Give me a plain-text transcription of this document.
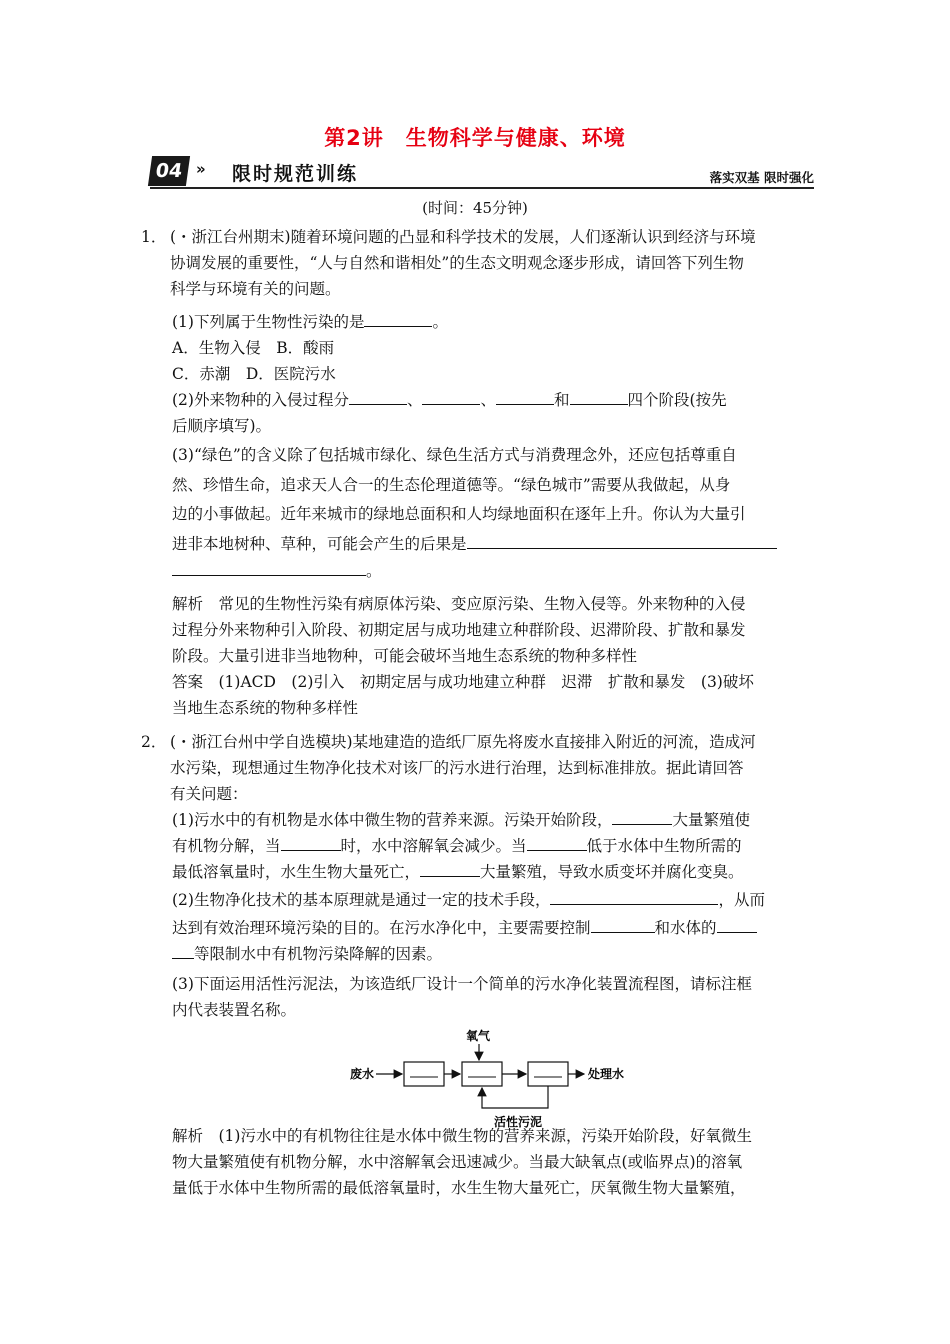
第2讲　生物科学与健康、环境
04 » 限时规范训练	落实双基 限时强化
(时间：45分钟)
1． (・浙江台州期末)随着环境问题的凸显和科学技术的发展，人们逐渐认识到经济与环境
协调发展的重要性，“人与自然和谐相处”的生态文明观念逐步形成，请回答下列生物
科学与环境有关的问题。
(1)下列属于生物性污染的是	。
A．生物入侵　B．酸雨
C．赤潮　D．医院污水
(2)外来物种的入侵过程分	、	、	和	四个阶段(按先
后顺序填写)。
(3)“绿色”的含义除了包括城市绿化、绿色生活方式与消费理念外，还应包括尊重自
然、珍惜生命，追求天人合一的生态伦理道德等。“绿色城市”需要从我做起，从身
边的小事做起。近年来城市的绿地总面积和人均绿地面积在逐年上升。你认为大量引
进非本地树种、草种，可能会产生的后果是
。
解析　常见的生物性污染有病原体污染、变应原污染、生物入侵等。外来物种的入侵
过程分外来物种引入阶段、初期定居与成功地建立种群阶段、迟滞阶段、扩散和暴发
阶段。大量引进非当地物种，可能会破坏当地生态系统的物种多样性
答案　(1)ACD　(2)引入　初期定居与成功地建立种群　迟滞　扩散和暴发　(3)破坏
当地生态系统的物种多样性
2． (・浙江台州中学自选模块)某地建造的造纸厂原先将废水直接排入附近的河流，造成河
水污染，现想通过生物净化技术对该厂的污水进行治理，达到标准排放。据此请回答
有关问题：
(1)污水中的有机物是水体中微生物的营养来源。污染开始阶段，	大量繁殖使
有机物分解，当	时，水中溶解氧会减少。当	低于水体中生物所需的
最低溶氧量时，水生生物大量死亡，	大量繁殖，导致水质变坏并腐化变臭。
(2)生物净化技术的基本原理就是通过一定的技术手段，	，从而
达到有效治理环境污染的目的。在污水净化中，主要需要控制	和水体的
等限制水中有机物污染降解的因素。
(3)下面运用活性污泥法，为该造纸厂设计一个简单的污水净化装置流程图，请标注框
内代表装置名称。
解析　(1)污水中的有机物往往是水体中微生物的营养来源，污染开始阶段，好氧微生
物大量繁殖使有机物分解，水中溶解氧会迅速减少。当最大缺氧点(或临界点)的溶氧
量低于水体中生物所需的最低溶氧量时，水生生物大量死亡，厌氧微生物大量繁殖，
废水
氧气
处理水
活性污泥
